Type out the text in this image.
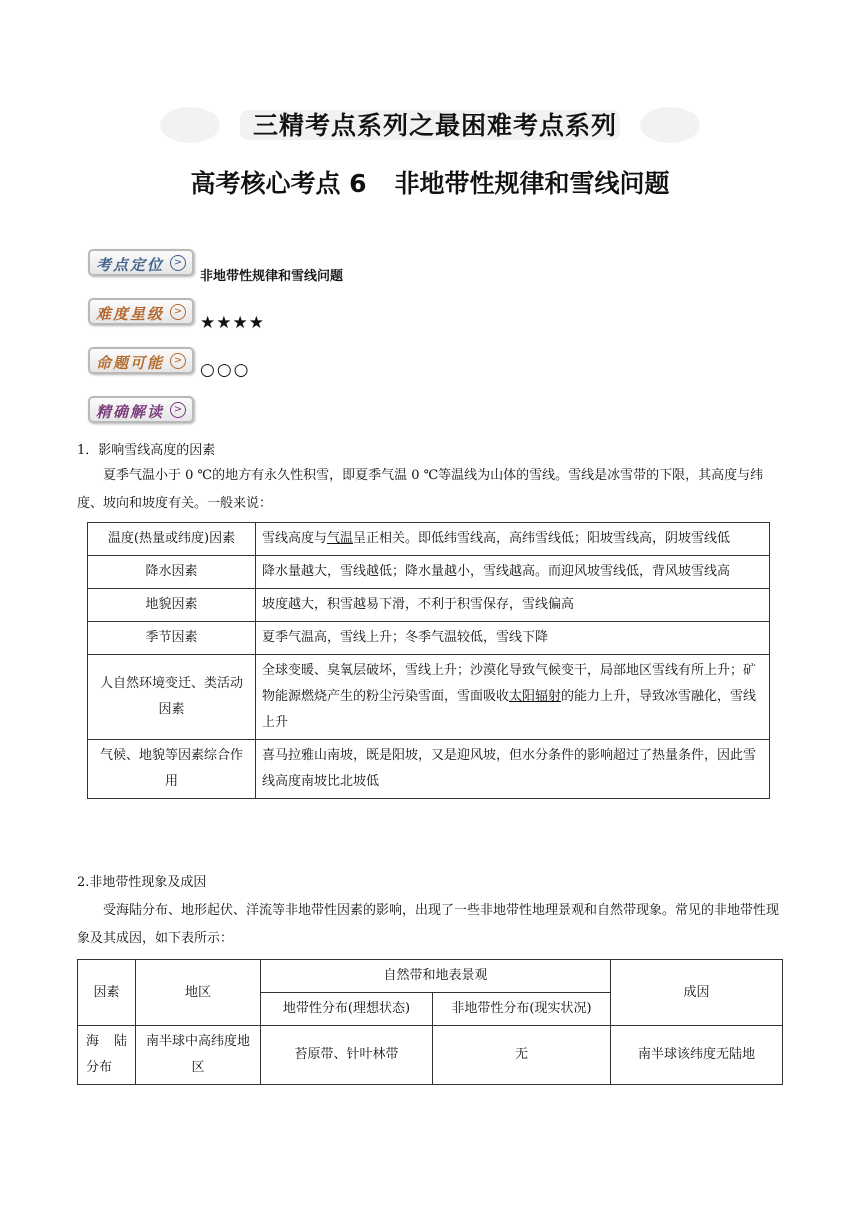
三精考点系列之最困难考点系列
高考核心考点 6 非地带性规律和雪线问题
考点定位 >
非地带性规律和雪线问题
难度星级 >
★★★★
命题可能 > ○○○
精确解读 >
1．影响雪线高度的因素
夏季气温小于 0 ℃的地方有永久性积雪，即夏季气温 0 ℃等温线为山体的雪线。雪线是冰雪带的下限，其高度与纬度、坡向和坡度有关。一般来说：
温度(热量或纬度)因素	雪线高度与气温呈正相关。即低纬雪线高，高纬雪线低；阳坡雪线高，阴坡雪线低
降水因素	降水量越大，雪线越低；降水量越小，雪线越高。而迎风坡雪线低，背风坡雪线高
地貌因素	坡度越大，积雪越易下滑，不利于积雪保存，雪线偏高
季节因素	夏季气温高，雪线上升；冬季气温较低，雪线下降
人自然环境变迁、类活动因素	全球变暖、臭氧层破坏，雪线上升；沙漠化导致气候变干，局部地区雪线有所上升；矿物能源燃烧产生的粉尘污染雪面，雪面吸收太阳辐射的能力上升，导致冰雪融化，雪线上升
气候、地貌等因素综合作用	喜马拉雅山南坡，既是阳坡，又是迎风坡，但水分条件的影响超过了热量条件，因此雪线高度南坡比北坡低
2.非地带性现象及成因
受海陆分布、地形起伏、洋流等非地带性因素的影响，出现了一些非地带性地理景观和自然带现象。常见的非地带性现象及其成因，如下表所示：
因素	地区	自然带和地表景观		成因
		地带性分布(理想状态)	非地带性分布(现实状况)	
海　陆分布	南半球中高纬度地区	苔原带、针叶林带	无	南半球该纬度无陆地
